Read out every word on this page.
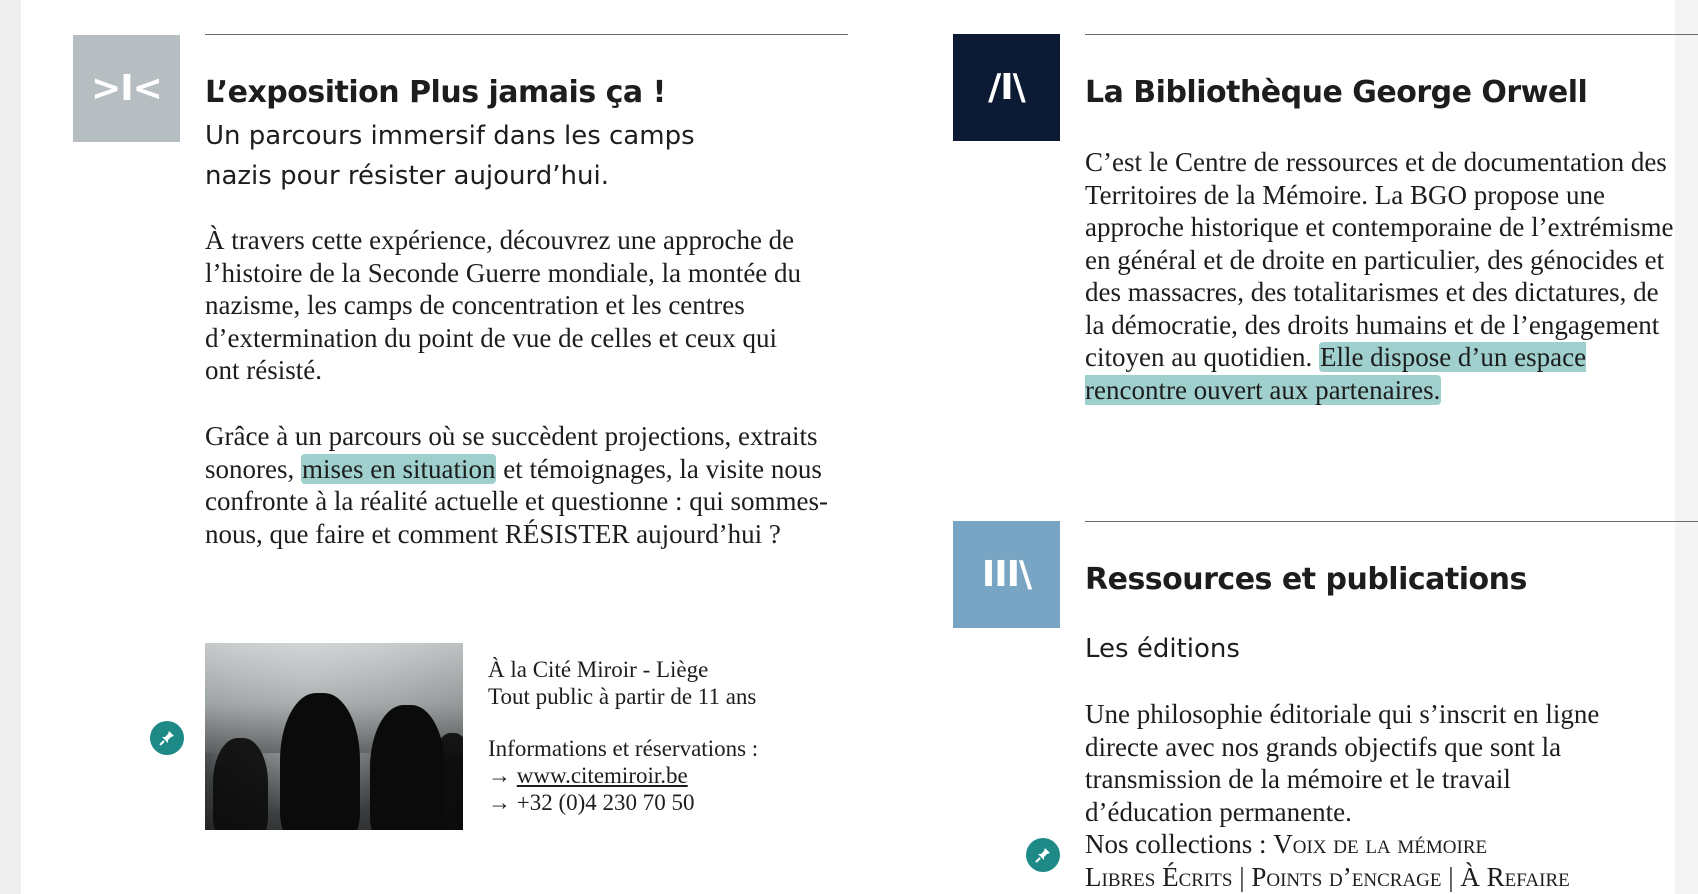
>I< L’exposition Plus jamais ça !

Un parcours immersif dans les camps
nazis pour résister aujourd’hui.

À travers cette expérience, découvrez une approche de l’histoire de la Seconde Guerre mondiale, la montée du nazisme, les camps de concentration et les centres d’extermination du point de vue de celles et ceux qui ont résisté.

Grâce à un parcours où se succèdent projections, extraits sonores, mises en situation et témoignages, la visite nous confronte à la réalité actuelle et questionne : qui sommes-nous, que faire et comment RÉSISTER aujourd’hui ?

À la Cité Miroir - Liège

Tout public à partir de 11 ans

Informations et réservations :

→ www.citemiroir.be

→ +32 (0)4 230 70 50

/I\ La Bibliothèque George Orwell

C’est le Centre de ressources et de documentation des Territoires de la Mémoire. La BGO propose une approche historique et contemporaine de l’extrémisme en général et de droite en particulier, des génocides et des massacres, des totalitarismes et des dictatures, de la démocratie, des droits humains et de l’engagement citoyen au quotidien. Elle dispose d’un espace rencontre ouvert aux partenaires.

III\ Ressources et publications

Les éditions

Une philosophie éditoriale qui s’inscrit en ligne directe avec nos grands objectifs que sont la transmission de la mémoire et le travail d’éducation permanente.
Nos collections : Voix de la mémoire
Libres Écrits | Points d’encrage | À Refaire
